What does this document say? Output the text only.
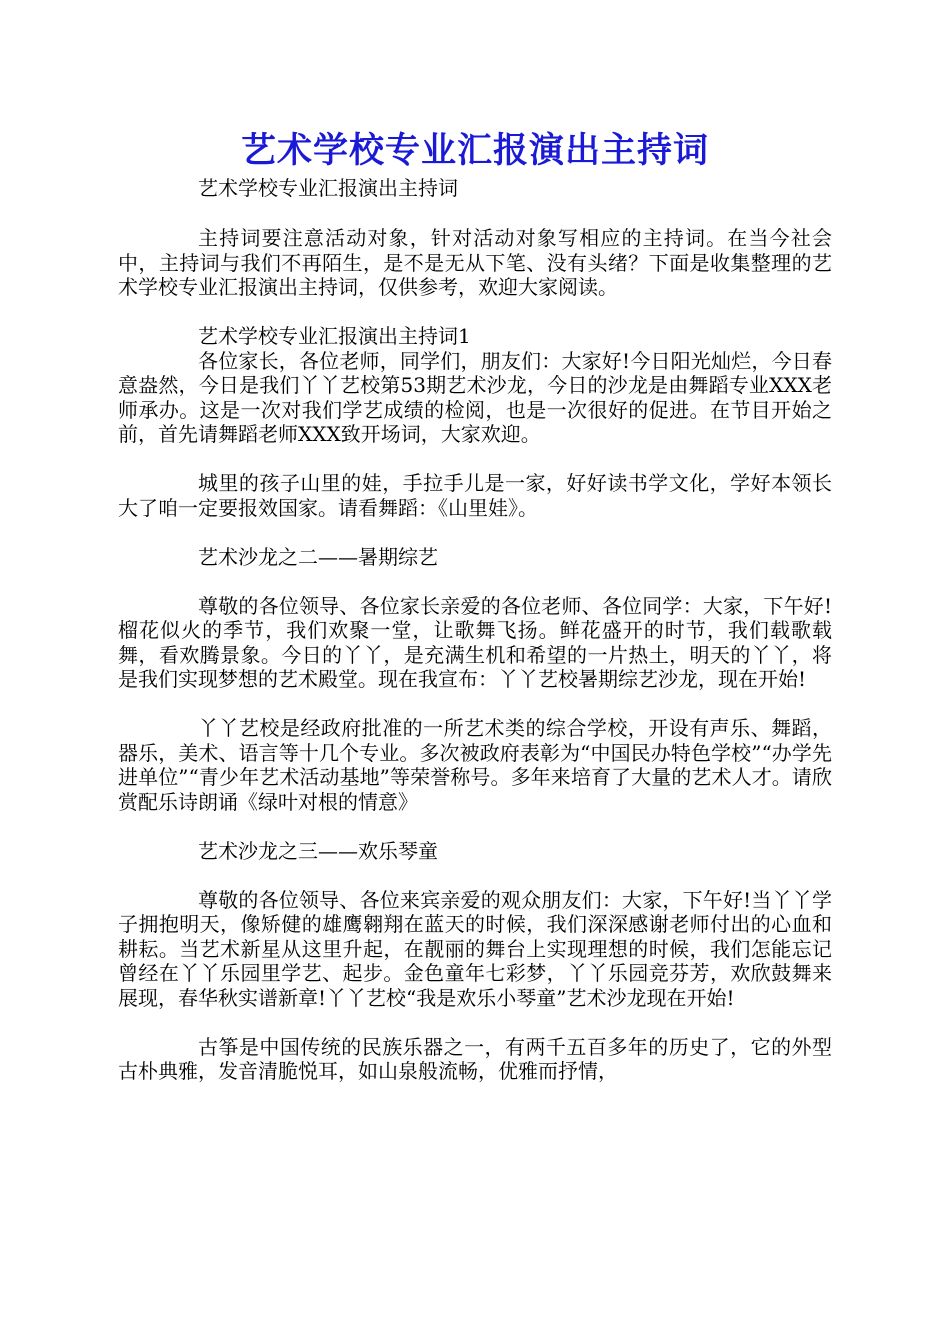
艺术学校专业汇报演出主持词

艺术学校专业汇报演出主持词

主持词要注意活动对象，针对活动对象写相应的主持词。在当今社会中，主持词与我们不再陌生，是不是无从下笔、没有头绪？下面是收集整理的艺术学校专业汇报演出主持词，仅供参考，欢迎大家阅读。

艺术学校专业汇报演出主持词1

各位家长，各位老师，同学们，朋友们：大家好!今日阳光灿烂，今日春意盎然，今日是我们丫丫艺校第53期艺术沙龙，今日的沙龙是由舞蹈专业XXX老师承办。这是一次对我们学艺成绩的检阅，也是一次很好的促进。在节目开始之前，首先请舞蹈老师XXX致开场词，大家欢迎。

城里的孩子山里的娃，手拉手儿是一家，好好读书学文化，学好本领长大了咱一定要报效国家。请看舞蹈：《山里娃》。

艺术沙龙之二——暑期综艺

尊敬的各位领导、各位家长亲爱的各位老师、各位同学：大家，下午好!榴花似火的季节，我们欢聚一堂，让歌舞飞扬。鲜花盛开的时节，我们载歌载舞，看欢腾景象。今日的丫丫，是充满生机和希望的一片热土，明天的丫丫，将是我们实现梦想的艺术殿堂。现在我宣布：丫丫艺校暑期综艺沙龙，现在开始!

丫丫艺校是经政府批准的一所艺术类的综合学校，开设有声乐、舞蹈，器乐，美术、语言等十几个专业。多次被政府表彰为“中国民办特色学校”“办学先进单位”“青少年艺术活动基地”等荣誉称号。多年来培育了大量的艺术人才。请欣赏配乐诗朗诵《绿叶对根的情意》

艺术沙龙之三——欢乐琴童

尊敬的各位领导、各位来宾亲爱的观众朋友们：大家，下午好!当丫丫学子拥抱明天，像矫健的雄鹰翱翔在蓝天的时候，我们深深感谢老师付出的心血和耕耘。当艺术新星从这里升起，在靓丽的舞台上实现理想的时候，我们怎能忘记曾经在丫丫乐园里学艺、起步。金色童年七彩梦，丫丫乐园竞芬芳，欢欣鼓舞来展现，春华秋实谱新章!丫丫艺校“我是欢乐小琴童”艺术沙龙现在开始!

古筝是中国传统的民族乐器之一，有两千五百多年的历史了，它的外型古朴典雅，发音清脆悦耳，如山泉般流畅，优雅而抒情，
